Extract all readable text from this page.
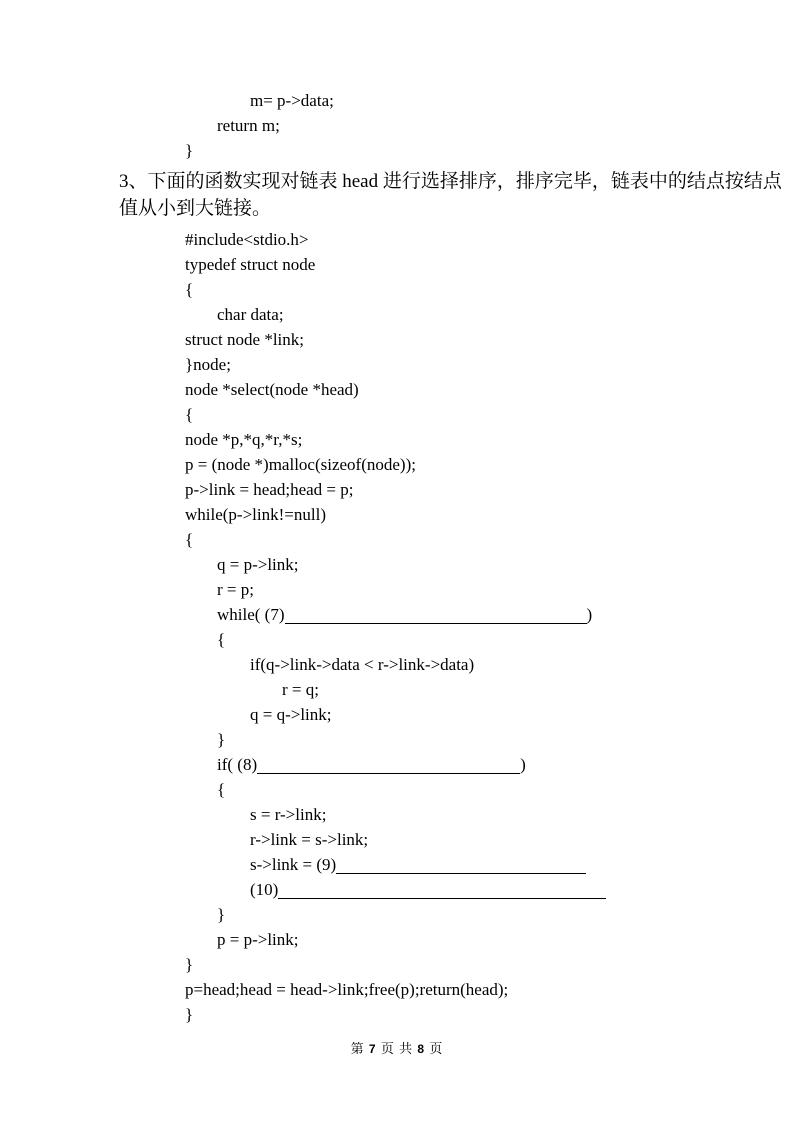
m= p->data;
return m;
}
3、下面的函数实现对链表 head 进行选择排序，排序完毕，链表中的结点按结点
值从小到大链接。
#include<stdio.h>
typedef struct node
{
char data;
struct node *link;
}node;
node *select(node *head)
{
node *p,*q,*r,*s;
p = (node *)malloc(sizeof(node));
p->link = head;head = p;
while(p->link!=null)
{
q = p->link;
r = p;
while( (7)	)
{
if(q->link->data < r->link->data)
r = q;
q = q->link;
}
if( (8)	)
{
s = r->link;
r->link = s->link;
s->link = (9)
(10)
}
p = p->link;
}
p=head;head = head->link;free(p);return(head);
}
第 7 页 共 8 页
